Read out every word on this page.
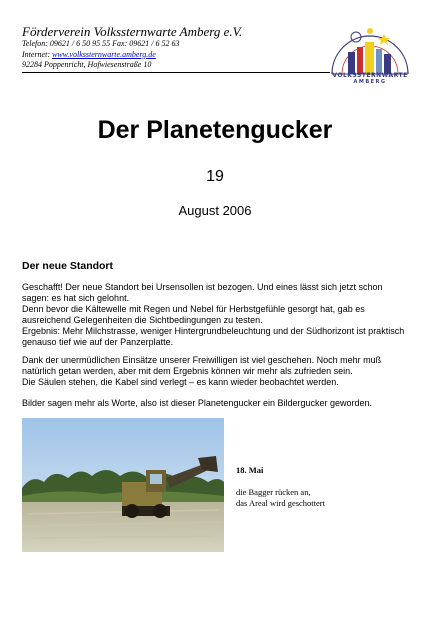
Förderverein Volkssternwarte Amberg e.V.
Telefon: 09621 / 6 50 95 55 Fax: 09621 / 6 52 63
Internet: www.volkssternwarte.amberg.de
92284 Poppenricht, Hofwiesenstraße 10
VOLKSSTERNWARTE
AMBERG
Der Planetengucker
19
August 2006
Der neue Standort

Geschafft! Der neue Standort bei Ursensollen ist bezogen. Und eines lässt sich jetzt schon

sagen: es hat sich gelohnt.

Denn bevor die Kältewelle mit Regen und Nebel für Herbstgefühle gesorgt hat, gab es

ausreichend Gelegenheiten die Sichtbedingungen zu testen.

Ergebnis: Mehr Milchstrasse, weniger Hintergrundbeleuchtung und der Südhorizont ist praktisch

genauso tief wie auf der Panzerplatte.

Dank der unermüdlichen Einsätze unserer Freiwilligen ist viel geschehen. Noch mehr muß

natürlich getan werden, aber mit dem Ergebnis können wir mehr als zufrieden sein.

Die Säulen stehen, die Kabel sind verlegt – es kann wieder beobachtet werden.

Bilder sagen mehr als Worte, also ist dieser Planetengucker ein Bildergucker geworden.

18. Mai

die Bagger rücken an,

das Areal wird geschottert
